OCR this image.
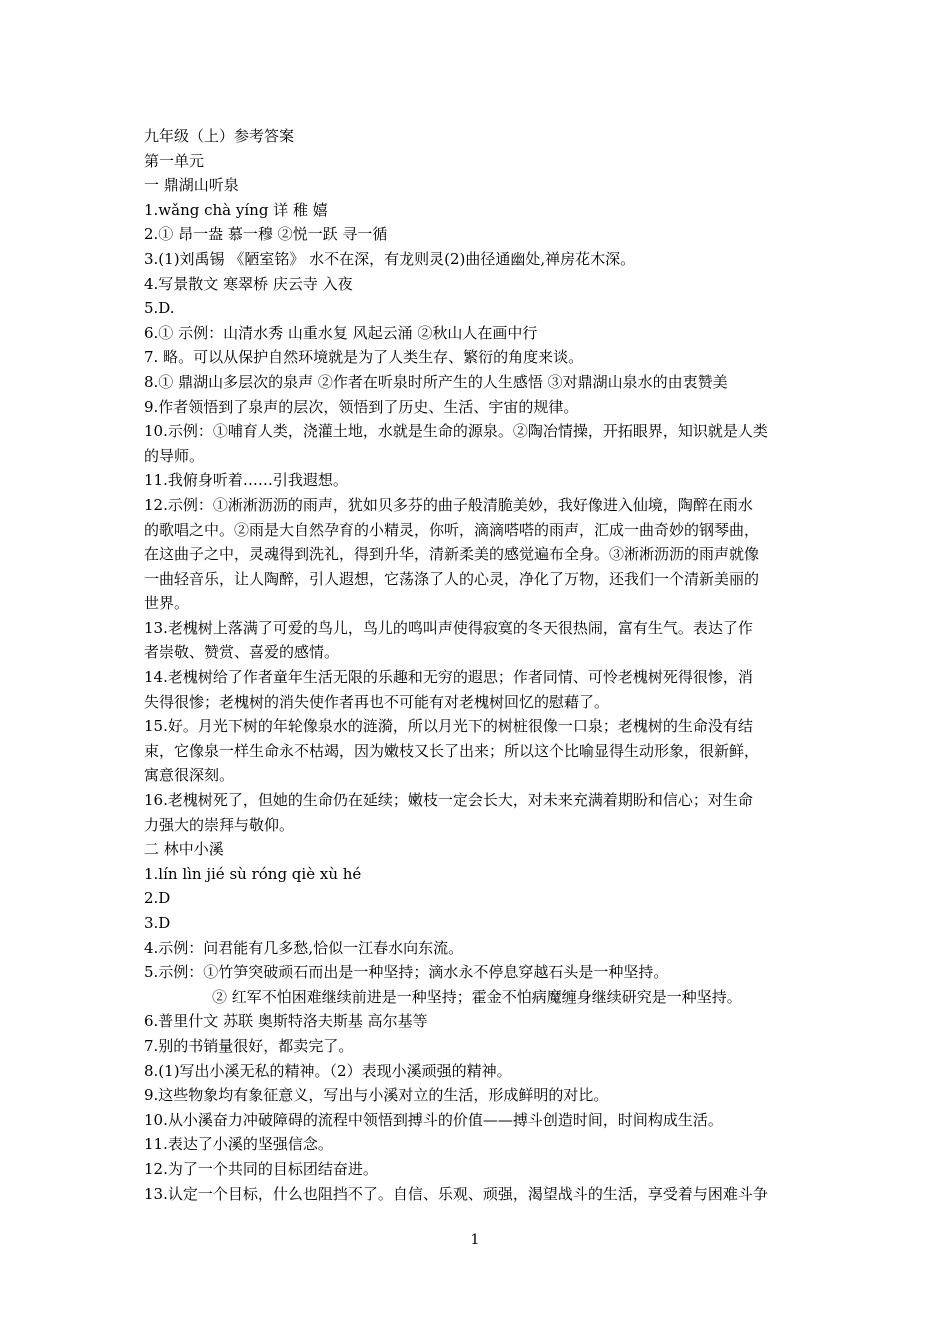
九年级（上）参考答案
第一单元
一 鼎湖山听泉
1.wǎng chà yíng 详 稚 嬉
2.① 昂一盎 慕一穆 ②悦一跃 寻一循
3.(1)刘禹锡 《陋室铭》 水不在深，有龙则灵(2)曲径通幽处,禅房花木深。
4.写景散文 寒翠桥 庆云寺 入夜
5.D.
6.① 示例：山清水秀 山重水复 风起云涌 ②秋山人在画中行
7. 略。可以从保护自然环境就是为了人类生存、繁衍的角度来谈。
8.① 鼎湖山多层次的泉声 ②作者在听泉时所产生的人生感悟 ③对鼎湖山泉水的由衷赞美
9.作者领悟到了泉声的层次，领悟到了历史、生活、宇宙的规律。
10.示例：①哺育人类，浇灌土地，水就是生命的源泉。②陶冶情操，开拓眼界，知识就是人类
的导师。
11.我俯身听着……引我遐想。
12.示例：①淅淅沥沥的雨声，犹如贝多芬的曲子般清脆美妙，我好像进入仙境，陶醉在雨水
的歌唱之中。②雨是大自然孕育的小精灵，你听，滴滴嗒嗒的雨声，汇成一曲奇妙的钢琴曲，
在这曲子之中，灵魂得到洗礼，得到升华，清新柔美的感觉遍布全身。③淅淅沥沥的雨声就像
一曲轻音乐，让人陶醉，引人遐想，它荡涤了人的心灵，净化了万物，还我们一个清新美丽的
世界。
13.老槐树上落满了可爱的鸟儿，鸟儿的鸣叫声使得寂寞的冬天很热闹，富有生气。表达了作
者崇敬、赞赏、喜爱的感情。
14.老槐树给了作者童年生活无限的乐趣和无穷的遐思；作者同情、可怜老槐树死得很惨，消
失得很惨；老槐树的消失使作者再也不可能有对老槐树回忆的慰藉了。
15.好。月光下树的年轮像泉水的涟漪，所以月光下的树桩很像一口泉；老槐树的生命没有结
束，它像泉一样生命永不枯竭，因为嫩枝又长了出来；所以这个比喻显得生动形象，很新鲜，
寓意很深刻。
16.老槐树死了，但她的生命仍在延续；嫩枝一定会长大，对未来充满着期盼和信心；对生命
力强大的崇拜与敬仰。
二 林中小溪
1.lín lìn jié sù róng qiè xù hé
2.D
3.D
4.示例：问君能有几多愁,恰似一江春水向东流。
5.示例：①竹笋突破顽石而出是一种坚持；滴水永不停息穿越石头是一种坚持。
② 红军不怕困难继续前进是一种坚持；霍金不怕病魔缠身继续研究是一种坚持。
6.普里什文 苏联 奥斯特洛夫斯基 高尔基等
7.别的书销量很好，都卖完了。
8.(1)写出小溪无私的精神。（2）表现小溪顽强的精神。
9.这些物象均有象征意义，写出与小溪对立的生活，形成鲜明的对比。
10.从小溪奋力冲破障碍的流程中领悟到搏斗的价值——搏斗创造时间，时间构成生活。
11.表达了小溪的坚强信念。
12.为了一个共同的目标团结奋进。
13.认定一个目标，什么也阻挡不了。自信、乐观、顽强，渴望战斗的生活，享受着与困难斗争
1
